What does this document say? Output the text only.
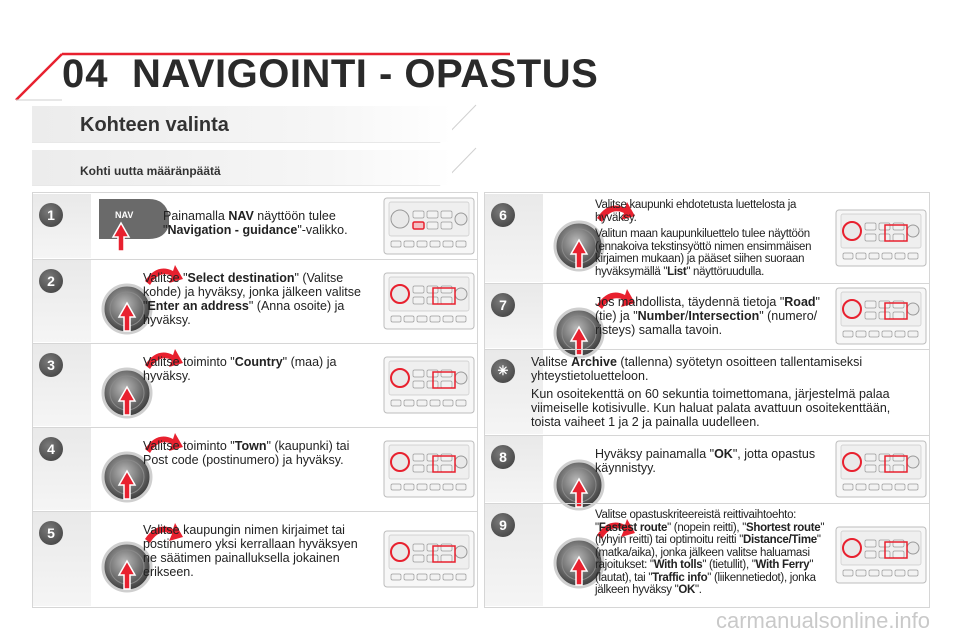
04 NAVIGOINTI - OPASTUS
Kohteen valinta
Kohti uutta määränpäätä
1	NAV Painamalla NAV näyttöön tulee "Navigation - guidance"-valikko.
2	Valitse "Select destination" (Valitse kohde) ja hyväksy, jonka jälkeen valitse "Enter an address" (Anna osoite) ja hyväksy.
3	Valitse toiminto "Country" (maa) ja hyväksy.
4	Valitse toiminto "Town" (kaupunki) tai Post code (postinumero) ja hyväksy.
5	Valitse kaupungin nimen kirjaimet tai postinumero yksi kerrallaan hyväksyen ne säätimen painalluksella jokainen erikseen.
6

Valitse kaupunki ehdotetusta luettelosta ja hyväksy.

Valitun maan kaupunkiluettelo tulee näyttöön (ennakoiva tekstinsyöttö nimen ensimmäisen kirjaimen mukaan) ja pääset siihen suoraan hyväksymällä "List" näyttöruudulla.

7	Jos mahdollista, täydennä tietoja "Road" (tie) ja "Number/Intersection" (numero/ risteys) samalla tavoin.
✳

Valitse Archive (tallenna) syötetyn osoitteen tallentamiseksi yhteystietoluetteloon.

Kun osoitekenttä on 60 sekuntia toimettomana, järjestelmä palaa viimeiselle kotisivulle. Kun haluat palata avattuun osoitekenttään, toista vaiheet 1 ja 2 ja painalla uudelleen.

8	Hyväksy painamalla "OK", jotta opastus käynnistyy.
9
Valitse opastuskriteereistä reittivaihtoehto: "Fastest route" (nopein reitti), "Shortest route" (lyhyin reitti) tai optimoitu reitti "Distance/Time" (matka/aika), jonka jälkeen valitse haluamasi rajoitukset: "With tolls" (tietullit), "With Ferry" (lautat), tai "Traffic info" (liikennetiedot), jonka jälkeen hyväksy "OK".
carmanualsonline.info
